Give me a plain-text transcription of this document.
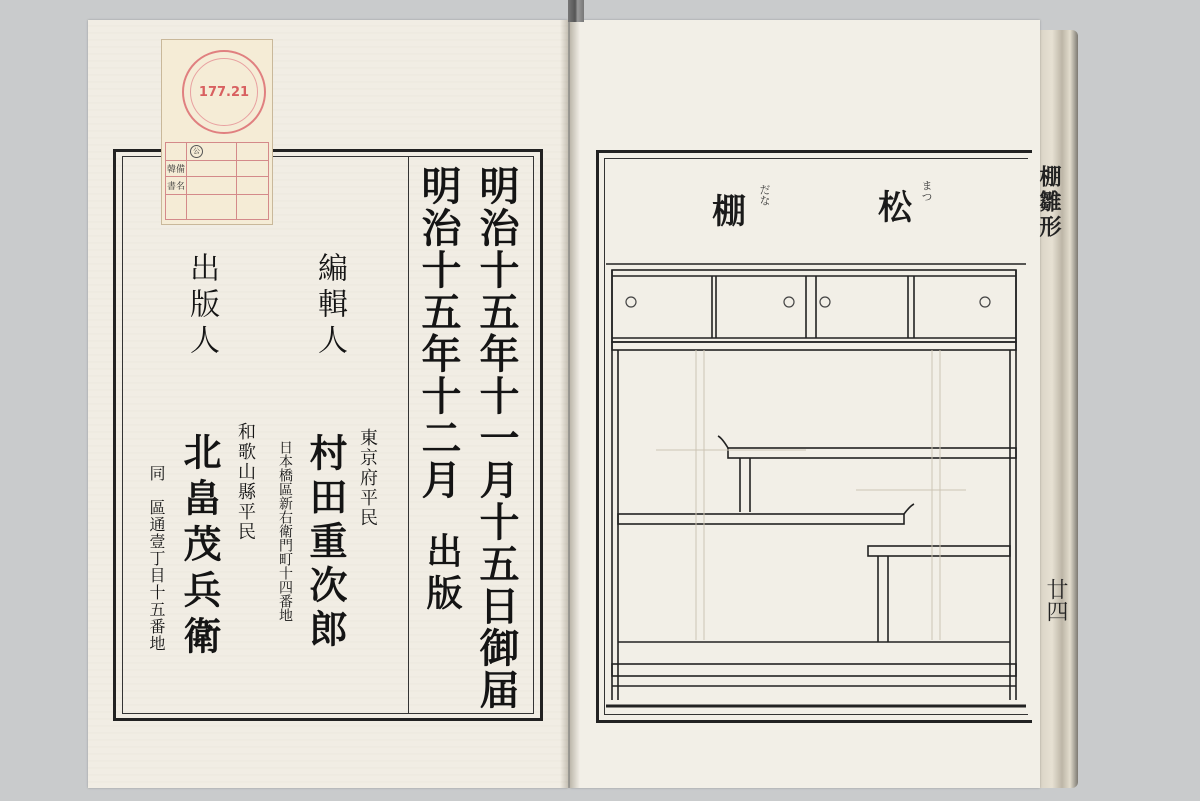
明治十五年十一月十五日御届
明治十五年十二月
出版
編輯人
東京府平民
村田重次郎
日本橋區新右衛門町十四番地
出版人
和歌山縣平民
北畠茂兵衛
同　區通壹丁目十五番地
177.21
公
韓備
書名
棚 だな	松 まつ	棚雛形
廿四
